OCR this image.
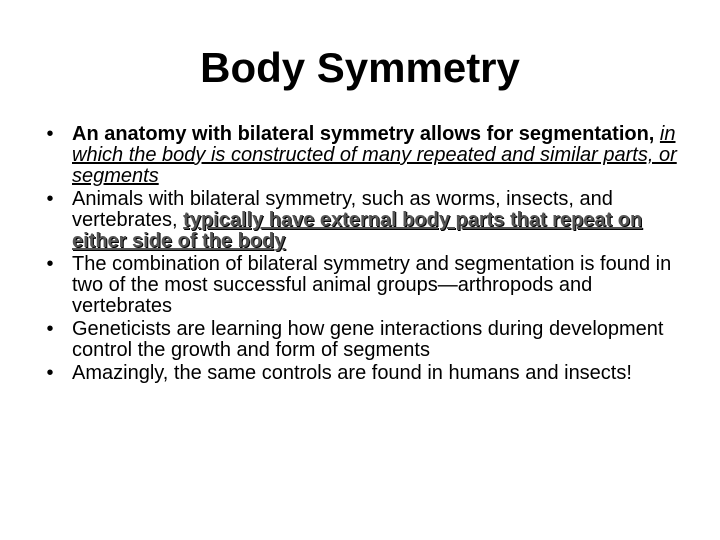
Body Symmetry
• An anatomy with bilateral symmetry allows for segmentation, in which the body is constructed of many repeated and similar parts, or segments
• Animals with bilateral symmetry, such as worms, insects, and vertebrates, typically have external body parts that repeat on either side of the body
• The combination of bilateral symmetry and segmentation is found in two of the most successful animal groups—arthropods and vertebrates
• Geneticists are learning how gene interactions during development control the growth and form of segments
• Amazingly, the same controls are found in humans and insects!
